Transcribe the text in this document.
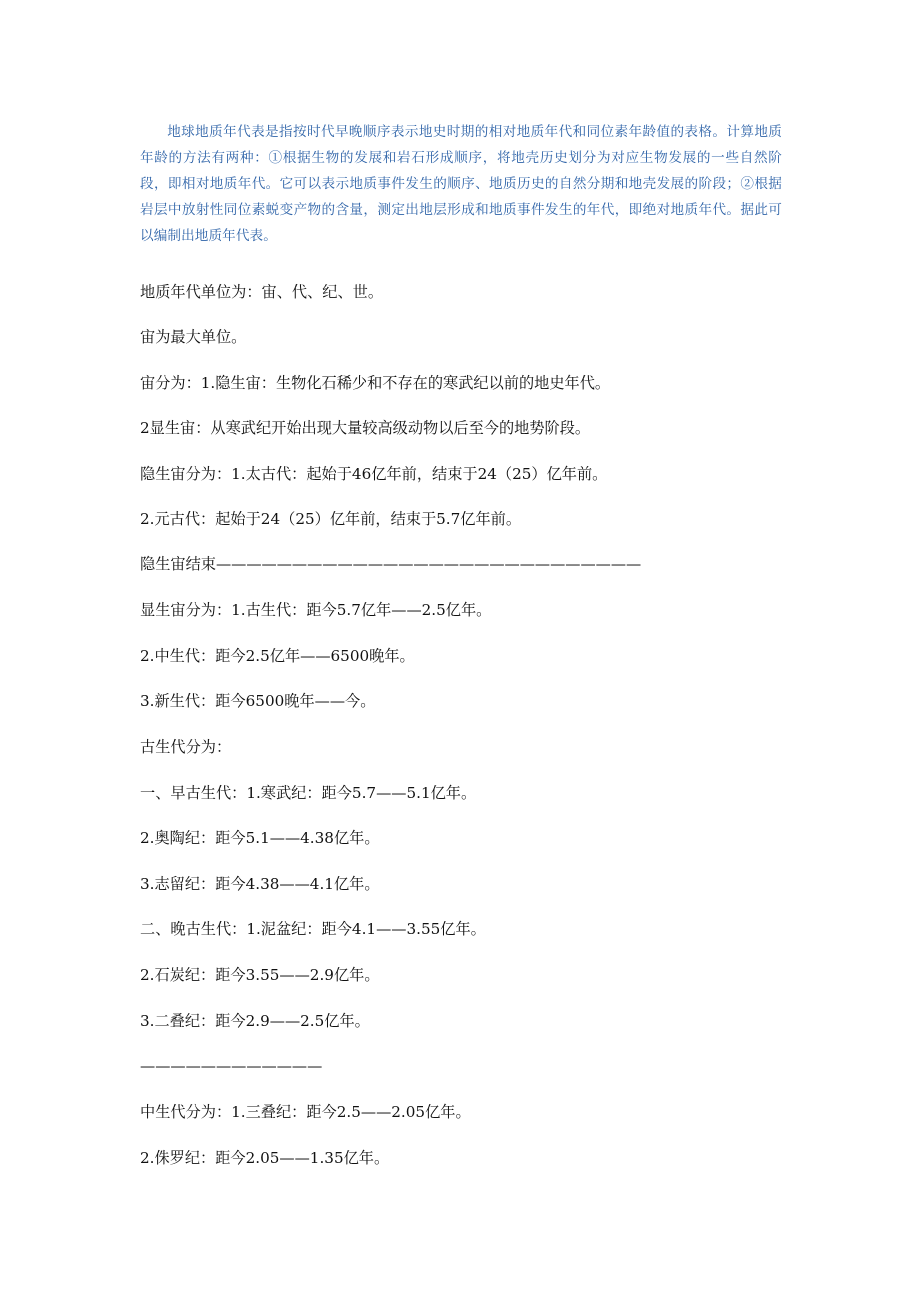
地球地质年代表是指按时代早晚顺序表示地史时期的相对地质年代和同位素年龄值的表格。计算地质年龄的方法有两种：①根据生物的发展和岩石形成顺序，将地壳历史划分为对应生物发展的一些自然阶段，即相对地质年代。它可以表示地质事件发生的顺序、地质历史的自然分期和地壳发展的阶段；②根据岩层中放射性同位素蜕变产物的含量，测定出地层形成和地质事件发生的年代，即绝对地质年代。据此可以编制出地质年代表。

地质年代单位为：宙、代、纪、世。

宙为最大单位。

宙分为：1.隐生宙：生物化石稀少和不存在的寒武纪以前的地史年代。

2显生宙：从寒武纪开始出现大量较高级动物以后至今的地势阶段。

隐生宙分为：1.太古代：起始于46亿年前，结束于24（25）亿年前。

2.元古代：起始于24（25）亿年前，结束于5.7亿年前。

隐生宙结束————————————————————————————

显生宙分为：1.古生代：距今5.7亿年——2.5亿年。

2.中生代：距今2.5亿年——6500晚年。

3.新生代：距今6500晚年——今。

古生代分为：

一、早古生代：1.寒武纪：距今5.7——5.1亿年。

2.奥陶纪：距今5.1——4.38亿年。

3.志留纪：距今4.38——4.1亿年。

二、晚古生代：1.泥盆纪：距今4.1——3.55亿年。

2.石炭纪：距今3.55——2.9亿年。

3.二叠纪：距今2.9——2.5亿年。

————————————

中生代分为：1.三叠纪：距今2.5——2.05亿年。

2.侏罗纪：距今2.05——1.35亿年。
